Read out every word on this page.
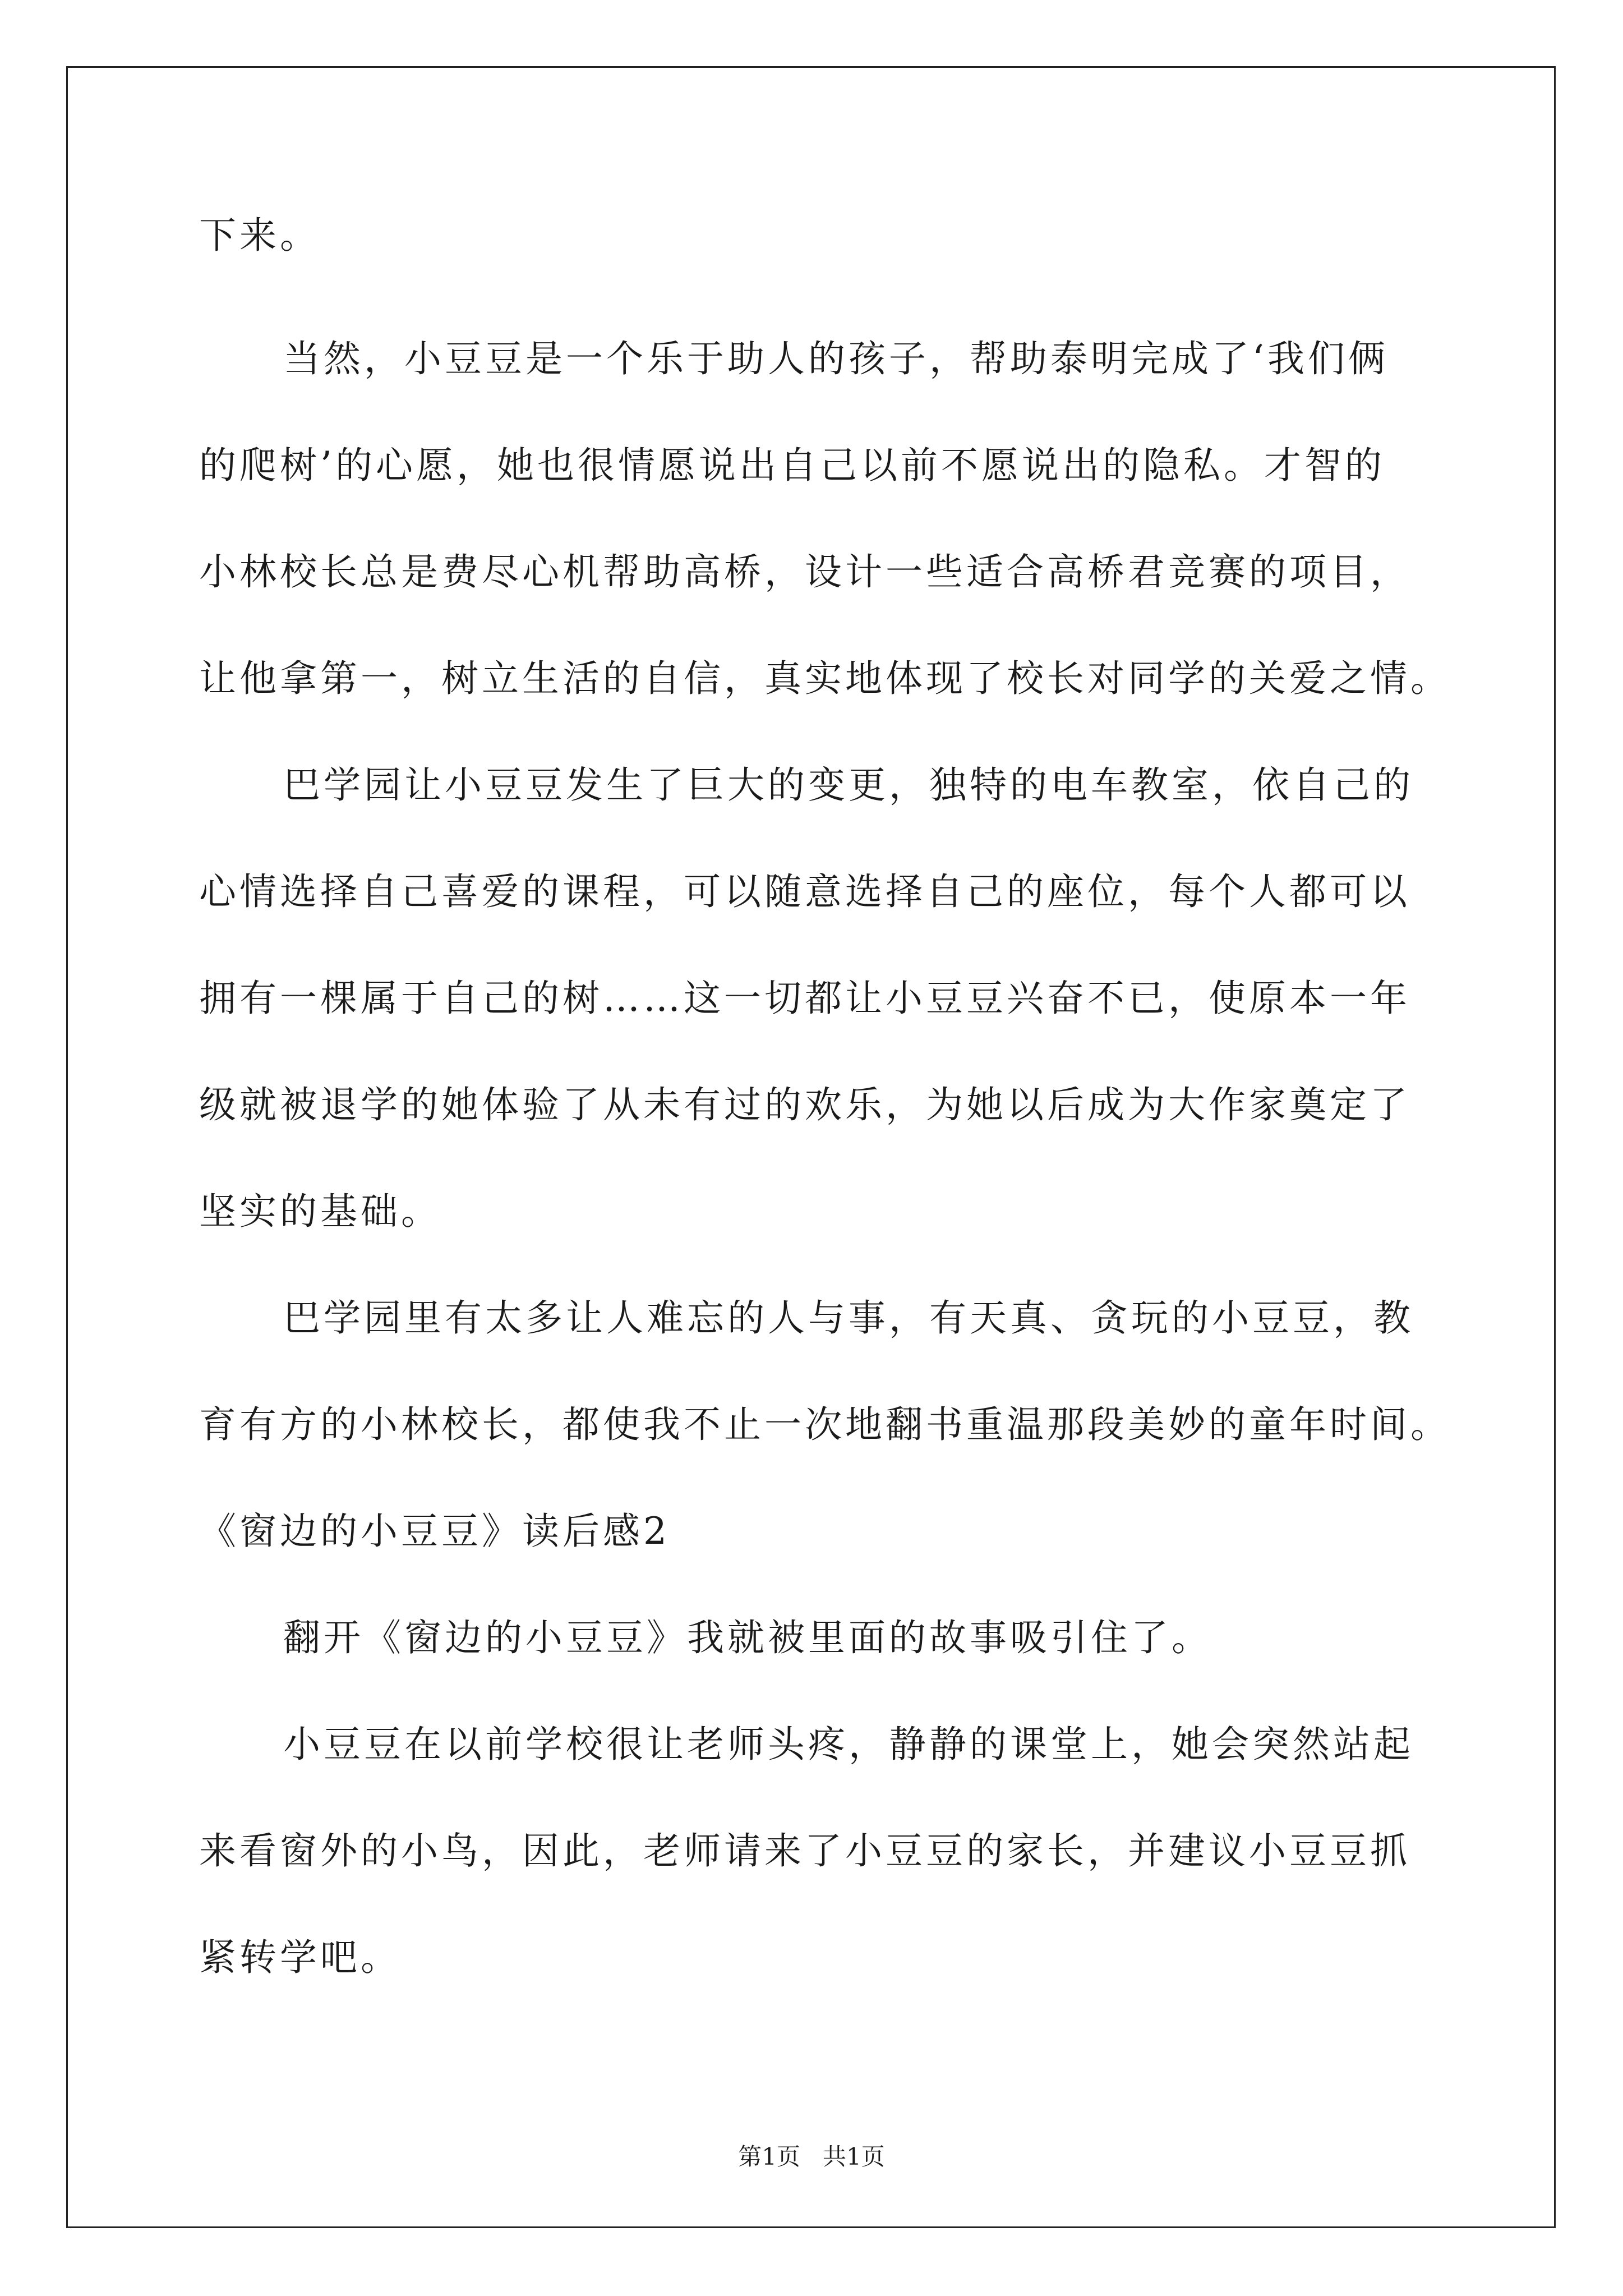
下来。
当然，小豆豆是一个乐于助人的孩子，帮助泰明完成了‘我们俩
的爬树’的心愿，她也很情愿说出自己以前不愿说出的隐私。才智的
小林校长总是费尽心机帮助高桥，设计一些适合高桥君竞赛的项目，
让他拿第一，树立生活的自信，真实地体现了校长对同学的关爱之情。
巴学园让小豆豆发生了巨大的变更，独特的电车教室，依自己的
心情选择自己喜爱的课程，可以随意选择自己的座位，每个人都可以
拥有一棵属于自己的树……这一切都让小豆豆兴奋不已，使原本一年
级就被退学的她体验了从未有过的欢乐，为她以后成为大作家奠定了
坚实的基础。
巴学园里有太多让人难忘的人与事，有天真、贪玩的小豆豆，教
育有方的小林校长，都使我不止一次地翻书重温那段美妙的童年时间。
《窗边的小豆豆》读后感2
翻开《窗边的小豆豆》我就被里面的故事吸引住了。
小豆豆在以前学校很让老师头疼，静静的课堂上，她会突然站起
来看窗外的小鸟，因此，老师请来了小豆豆的家长，并建议小豆豆抓
紧转学吧。
第1页   共1页
